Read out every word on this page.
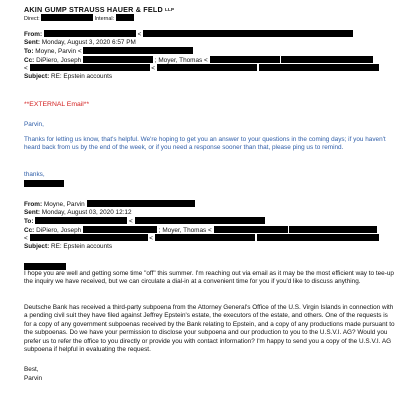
AKIN GUMP STRAUSS HAUER & FELD LLP
Direct:	Internal:
From:	<
Sent: Monday, August 3, 2020 6:57 PM
To: Moyne, Parvin <
Cc: DiPiero, Joseph	; Moyer, Thomas <
<	<
Subject: RE: Epstein accounts
**EXTERNAL Email**
Parvin,
Thanks for letting us know, that's helpful. We're hoping to get you an answer to your questions in the coming days; if you haven't heard back from us by the end of the week, or if you need a response sooner than that, please ping us to remind.
thanks,
From: Moyne, Parvin
Sent: Monday, August 03, 2020 12:12
To:	<
Cc: DiPiero, Joseph	; Moyer, Thomas <
<	<
Subject: RE: Epstein accounts
I hope you are well and getting some time "off" this summer. I'm reaching out via email as it may be the most efficient way to tee-up the inquiry we have received, but we can circulate a dial-in at a convenient time for you if you'd like to discuss anything.
Deutsche Bank has received a third-party subpoena from the Attorney General's Office of the U.S. Virgin Islands in connection with a pending civil suit they have filed against Jeffrey Epstein's estate, the executors of the estate, and others. One of the requests is for a copy of any government subpoenas received by the Bank relating to Epstein, and a copy of any productions made pursuant to the subpoenas. Do we have your permission to disclose your subpoena and our production to you to the U.S.V.I. AG? Would you prefer us to refer the office to you directly or provide you with contact information? I'm happy to send you a copy of the U.S.V.I. AG subpoena if helpful in evaluating the request.
Best,
Parvin
